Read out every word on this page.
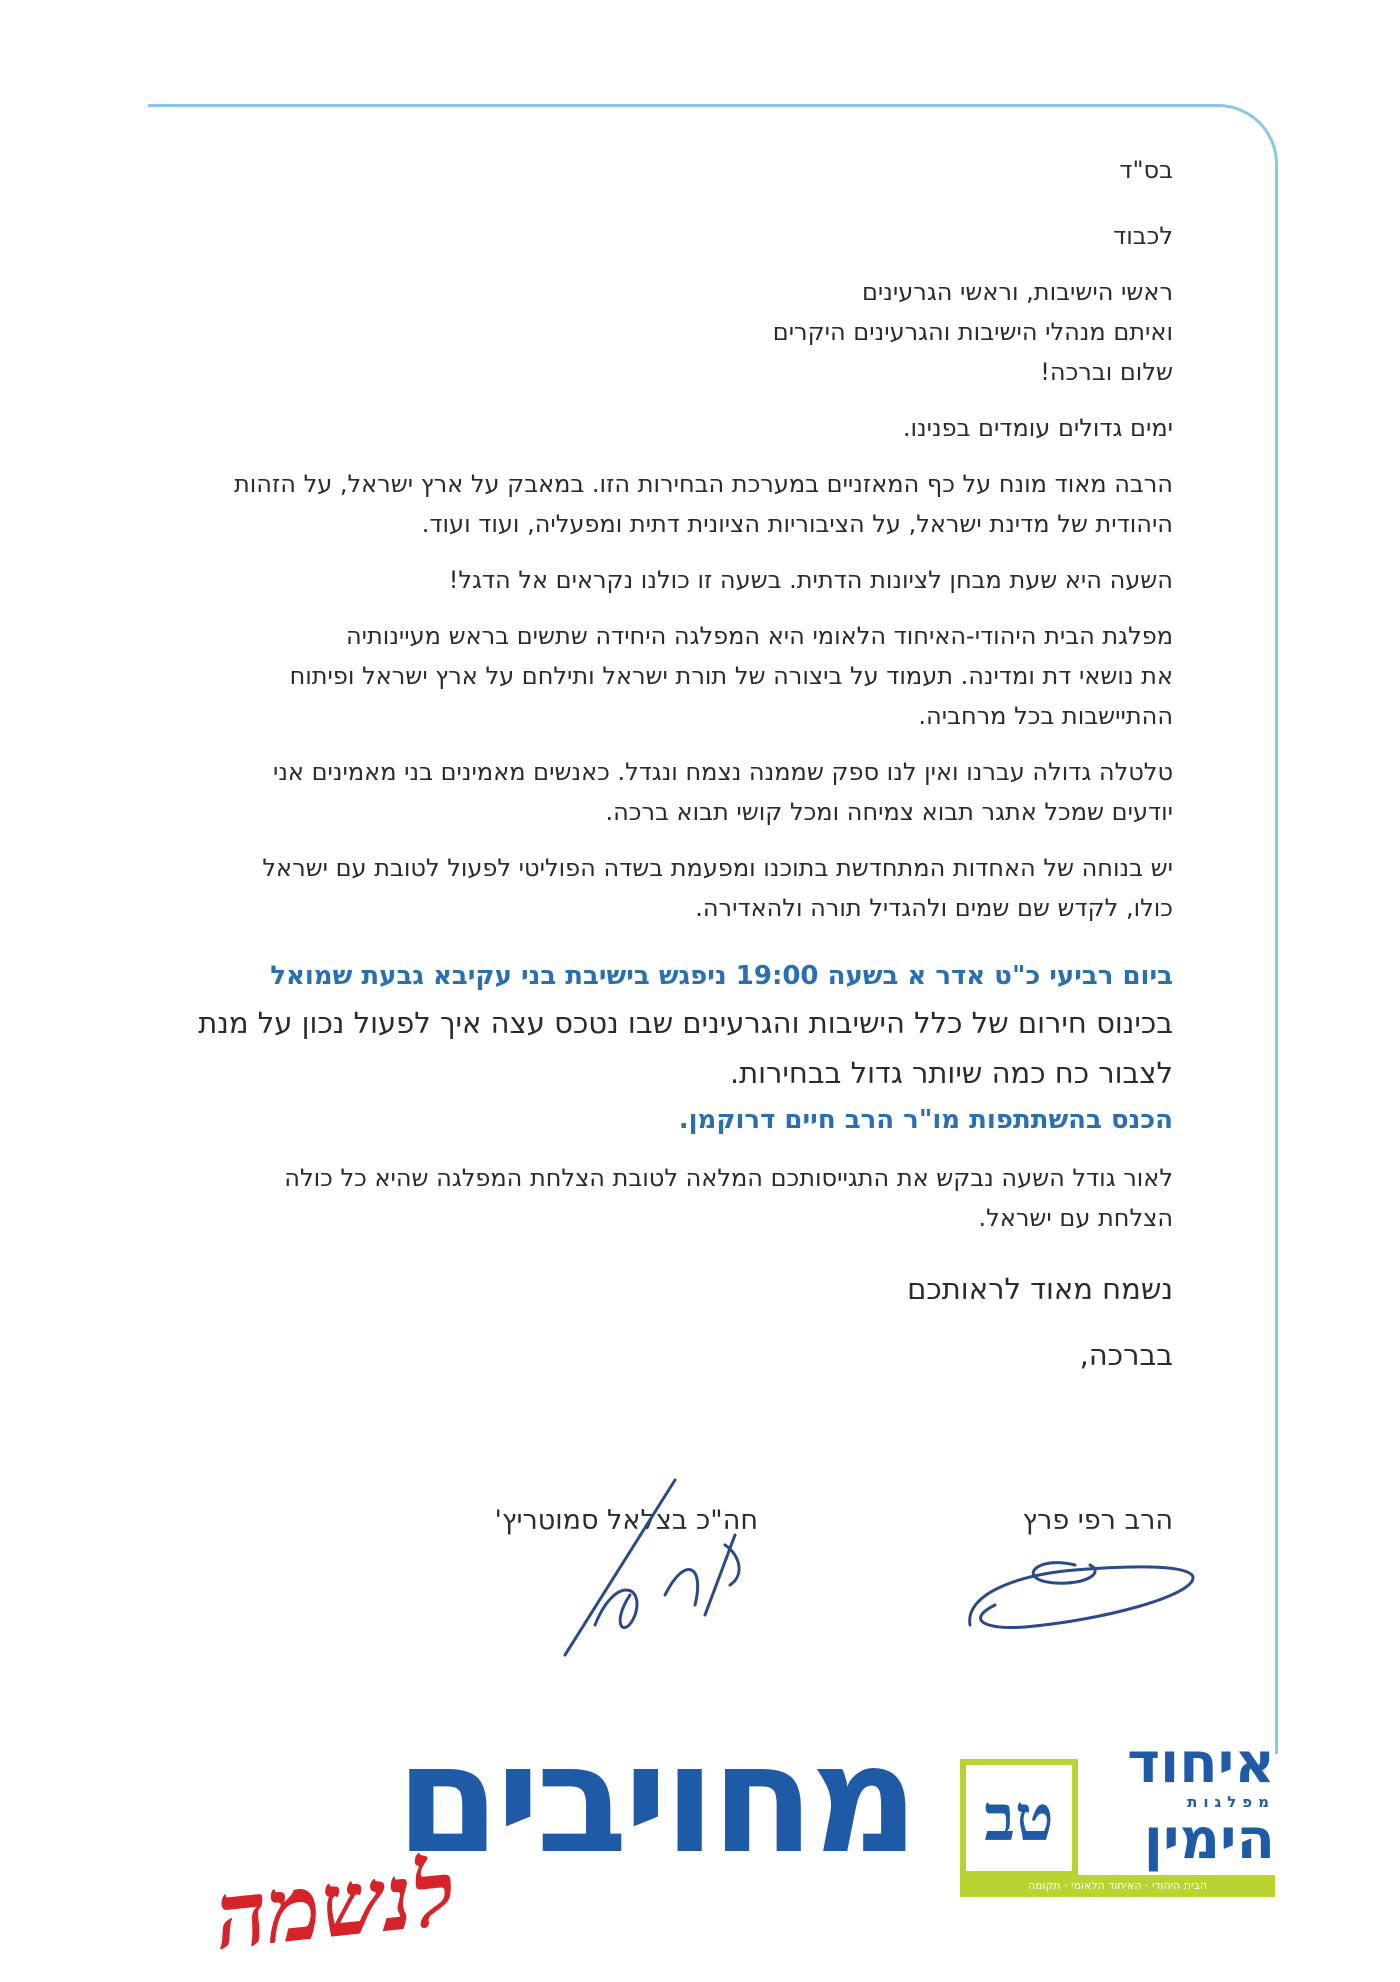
בס"ד

לכבוד

ראשי הישיבות, וראשי הגרעינים

ואיתם מנהלי הישיבות והגרעינים היקרים

שלום וברכה!

ימים גדולים עומדים בפנינו.

הרבה מאוד מונח על כף המאזניים במערכת הבחירות הזו. במאבק על ארץ ישראל, על הזהות

היהודית של מדינת ישראל, על הציבוריות הציונית דתית ומפעליה, ועוד ועוד.

השעה היא שעת מבחן לציונות הדתית. בשעה זו כולנו נקראים אל הדגל!

מפלגת הבית היהודי-האיחוד הלאומי היא המפלגה היחידה שתשים בראש מעיינותיה

את נושאי דת ומדינה. תעמוד על ביצורה של תורת ישראל ותילחם על ארץ ישראל ופיתוח

ההתיישבות בכל מרחביה.

טלטלה גדולה עברנו ואין לנו ספק שממנה נצמח ונגדל. כאנשים מאמינים בני מאמינים אני

יודעים שמכל אתגר תבוא צמיחה ומכל קושי תבוא ברכה.

יש בנוחה של האחדות המתחדשת בתוכנו ומפעמת בשדה הפוליטי לפעול לטובת עם ישראל

כולו, לקדש שם שמים ולהגדיל תורה ולהאדירה.

ביום רביעי כ"ט אדר א בשעה 19:00 ניפגש בישיבת בני עקיבא גבעת שמואל

בכינוס חירום של כלל הישיבות והגרעינים שבו נטכס עצה איך לפעול נכון על מנת

לצבור כח כמה שיותר גדול בבחירות.

הכנס בהשתתפות מו"ר הרב חיים דרוקמן.

לאור גודל השעה נבקש את התגייסותכם המלאה לטובת הצלחת המפלגה שהיא כל כולה

הצלחת עם ישראל.

נשמח מאוד לראותכם

בברכה,

הרב רפי פרץ
חה"כ בצלאל סמוטריץ'
טב
איחוד
מפלגות
הימין
הבית היהודי · האיחוד הלאומי · תקומה
מחויבים
לנשמה
